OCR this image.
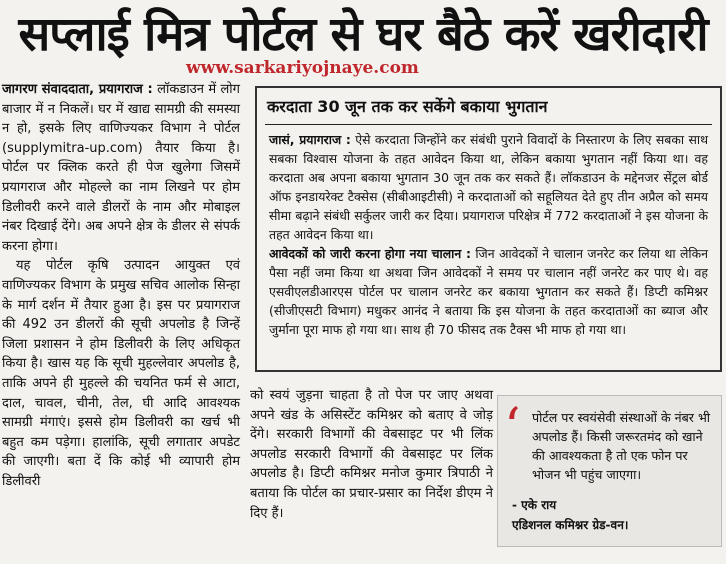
सप्लाई मित्र पोर्टल से घर बैठे करें खरीदारी
www.sarkariyojnaye.com

जागरण संवाददाता, प्रयागराज : लॉकडाउन में लोग बाजार में न निकलें। घर में खाद्य सामग्री की समस्या न हो, इसके लिए वाणिज्यकर विभाग ने पोर्टल (supplymitra-up.com) तैयार किया है। पोर्टल पर क्लिक करते ही पेज खुलेगा जिसमें प्रयागराज और मोहल्ले का नाम लिखने पर होम डिलीवरी करने वाले डीलरों के नाम और मोबाइल नंबर दिखाई देंगे। अब अपने क्षेत्र के डीलर से संपर्क करना होगा।

यह पोर्टल कृषि उत्पादन आयुक्त एवं वाणिज्यकर विभाग के प्रमुख सचिव आलोक सिन्हा के मार्ग दर्शन में तैयार हुआ है। इस पर प्रयागराज की 492 उन डीलरों की सूची अपलोड है जिन्हें जिला प्रशासन ने होम डिलीवरी के लिए अधिकृत किया है। खास यह कि सूची मुहल्लेवार अपलोड है, ताकि अपने ही मुहल्ले की चयनित फर्म से आटा, दाल, चावल, चीनी, तेल, घी आदि आवश्यक सामग्री मंगाएं। इससे होम डिलीवरी का खर्च भी बहुत कम पड़ेगा। हालांकि, सूची लगातार अपडेट की जाएगी। बता दें कि कोई भी व्यापारी होम डिलीवरी

को स्वयं जुड़ना चाहता है तो पेज पर जाए अथवा अपने खंड के असिस्टेंट कमिश्नर को बताए वे जोड़ देंगे। सरकारी विभागों की वेबसाइट पर भी लिंक अपलोड सरकारी विभागों की वेबसाइट पर लिंक अपलोड है। डिप्टी कमिश्नर मनोज कुमार त्रिपाठी ने बताया कि पोर्टल का प्रचार-प्रसार का निर्देश डीएम ने दिए हैं।

करदाता 30 जून तक कर सकेंगे बकाया भुगतान

जासं, प्रयागराज : ऐसे करदाता जिन्होंने कर संबंधी पुराने विवादों के निस्तारण के लिए सबका साथ सबका विश्वास योजना के तहत आवेदन किया था, लेकिन बकाया भुगतान नहीं किया था। वह करदाता अब अपना बकाया भुगतान 30 जून तक कर सकते हैं। लॉकडाउन के मद्देनजर सेंट्रल बोर्ड ऑफ इनडायरेक्ट टैक्सेस (सीबीआइटीसी) ने करदाताओं को सहूलियत देते हुए तीन अप्रैल को समय सीमा बढ़ाने संबंधी सर्कुलर जारी कर दिया। प्रयागराज परिक्षेत्र में 772 करदाताओं ने इस योजना के तहत आवेदन किया था।

आवेदकों को जारी करना होगा नया चालान : जिन आवेदकों ने चालान जनरेट कर लिया था लेकिन पैसा नहीं जमा किया था अथवा जिन आवेदकों ने समय पर चालान नहीं जनरेट कर पाए थे। वह एसवीएलडीआरएस पोर्टल पर चालान जनरेट कर बकाया भुगतान कर सकते हैं। डिप्टी कमिश्नर (सीजीएसटी विभाग) मधुकर आनंद ने बताया कि इस योजना के तहत करदाताओं का ब्याज और जुर्माना पूरा माफ हो गया था। साथ ही 70 फीसद तक टैक्स भी माफ हो गया था।

‘ पोर्टल पर स्वयंसेवी संस्थाओं के नंबर भी अपलोड हैं। किसी जरूरतमंद को खाने की आवश्यकता है तो एक फोन पर भोजन भी पहुंच जाएगा।
- एके राय
एडिशनल कमिश्नर ग्रेड-वन।
